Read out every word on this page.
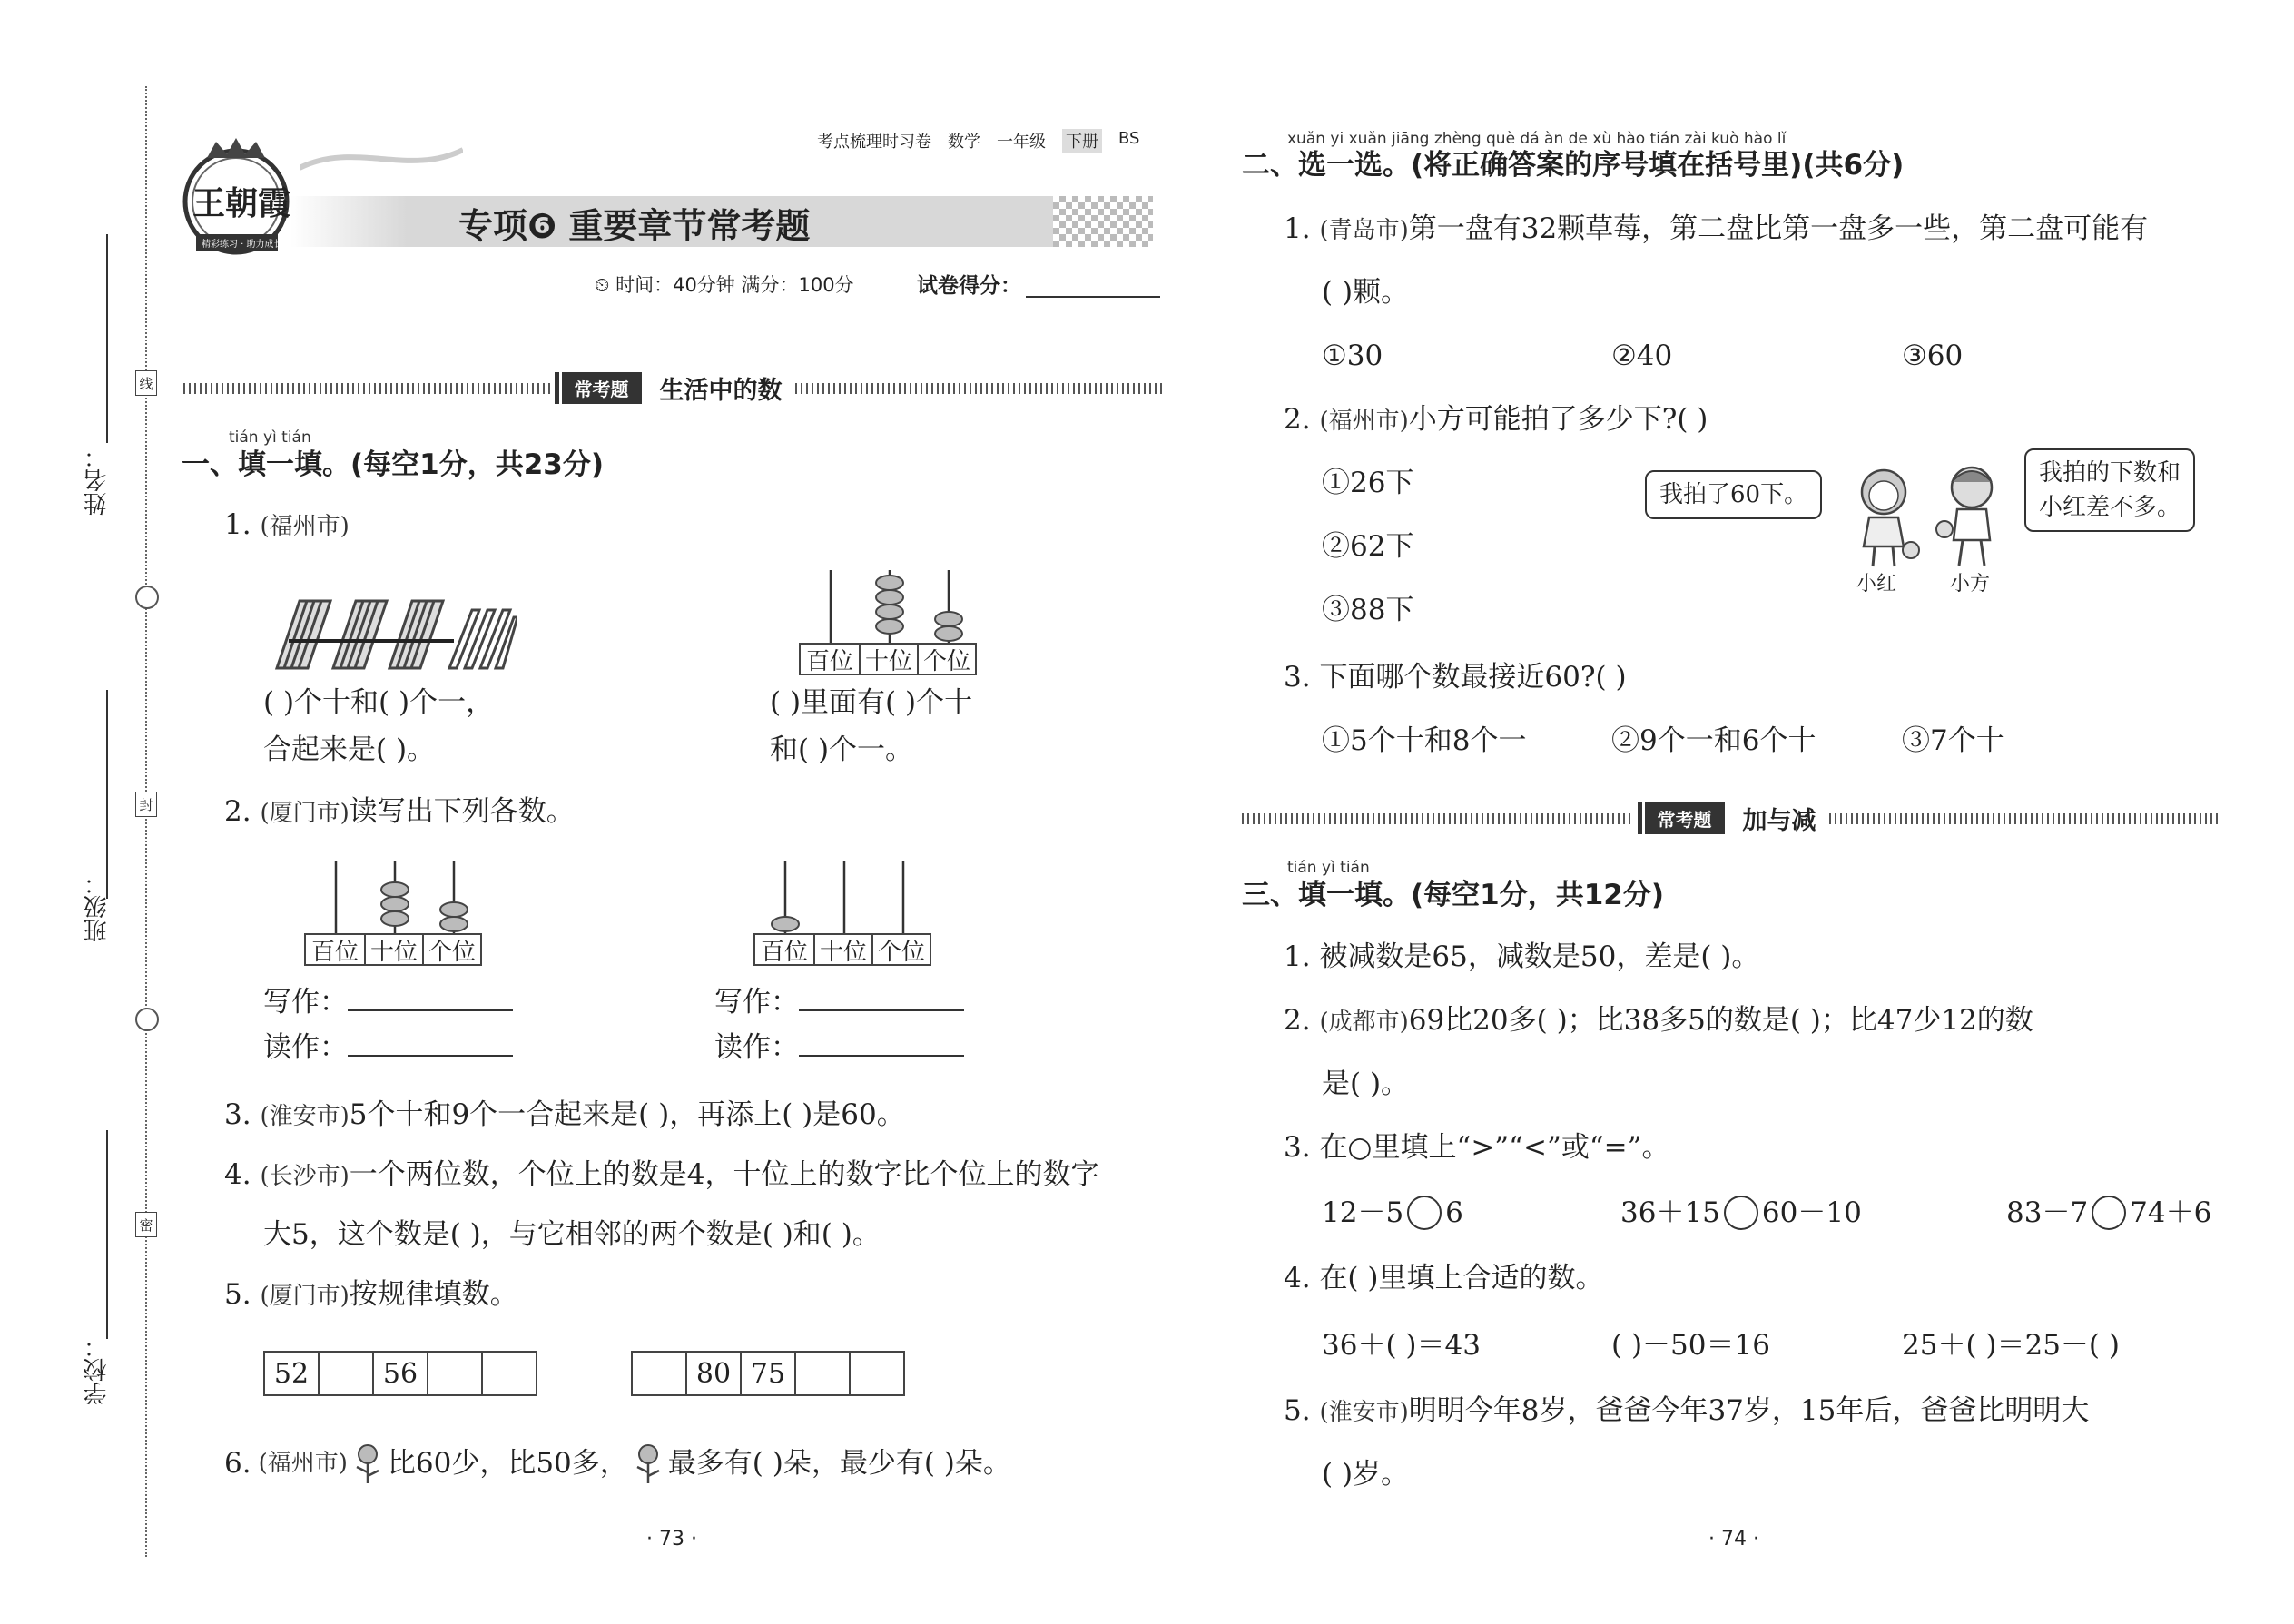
姓名：
班级：
学校：
线
封
密
王朝霞
精彩练习 · 助力成长
考点梳理时习卷 数学 一年级 下册 BS
专项❻ 重要章节常考题
⏲ 时间：40分钟 满分：100分	试卷得分：
常考题	生活中的数
tián yì tián
一、填一填。(每空1分，共23分)
1. (福州市)
百位 十位 个位
( )个十和( )个一，
合起来是( )。
( )里面有( )个十
和( )个一。
2. (厦门市)读写出下列各数。
百位 十位 个位	百位 十位 个位
写作：
读作：
写作：
读作：
3. (淮安市)5个十和9个一合起来是( )，再添上( )是60。
4. (长沙市)一个两位数，个位上的数是4，十位上的数字比个位上的数字
大5，这个数是( )，与它相邻的两个数是( )和( )。
5. (厦门市)按规律填数。
52	56	80 75
6. (福州市) 比60少，比50多， 最多有( )朵，最少有( )朵。
· 73 ·
xuǎn yi xuǎn jiāng zhèng què dá àn de xù hào tián zài kuò hào lǐ
二、选一选。(将正确答案的序号填在括号里)(共6分)
1. (青岛市)第一盘有32颗草莓，第二盘比第一盘多一些，第二盘可能有
( )颗。
①30	②40	③60
2. (福州市)小方可能拍了多少下?( )
①26下
②62下
③88下
我拍了60下。
我拍的下数和
小红差不多。
小红	小方
3. 下面哪个数最接近60?( )
①5个十和8个一	②9个一和6个十	③7个十
常考题	加与减
tián yì tián
三、填一填。(每空1分，共12分)
1. 被减数是65，减数是50，差是( )。
2. (成都市)69比20多( )；比38多5的数是( )；比47少12的数
是( )。
3. 在○里填上“>”“<”或“=”。
12－5 6	36＋15 60－10	83－7 74＋6
4. 在( )里填上合适的数。
36＋( )＝43	( )－50＝16	25＋( )＝25－( )
5. (淮安市)明明今年8岁，爸爸今年37岁，15年后，爸爸比明明大
( )岁。
· 74 ·
